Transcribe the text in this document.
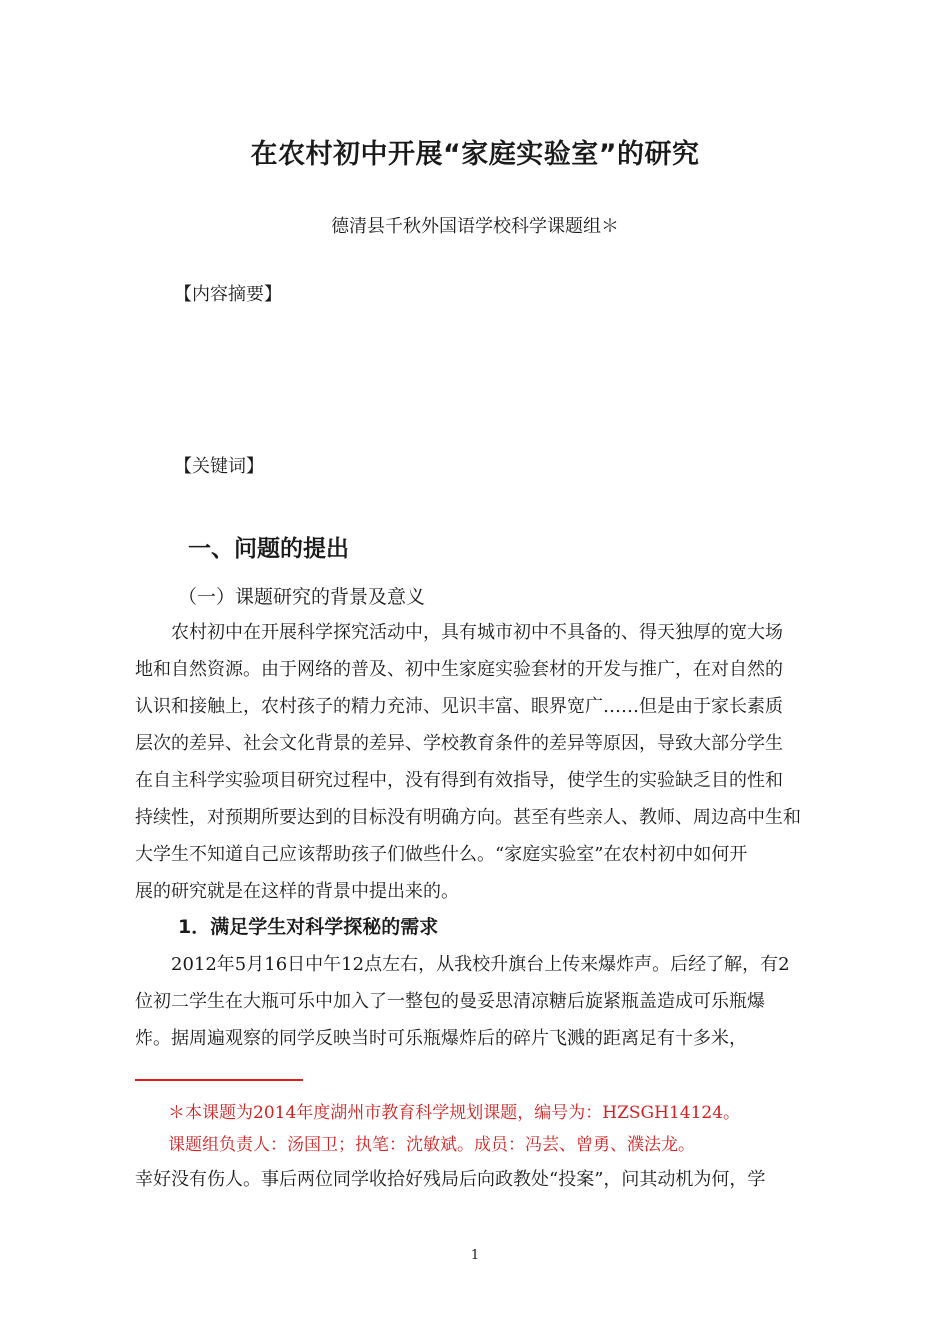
在农村初中开展“家庭实验室”的研究
德清县千秋外国语学校科学课题组＊
【内容摘要】
【关键词】
一、问题的提出
（一）课题研究的背景及意义
　　农村初中在开展科学探究活动中，具有城市初中不具备的、得天独厚的宽大场
地和自然资源。由于网络的普及、初中生家庭实验套材的开发与推广，在对自然的
认识和接触上，农村孩子的精力充沛、见识丰富、眼界宽广……但是由于家长素质
层次的差异、社会文化背景的差异、学校教育条件的差异等原因，导致大部分学生
在自主科学实验项目研究过程中，没有得到有效指导，使学生的实验缺乏目的性和
持续性，对预期所要达到的目标没有明确方向。甚至有些亲人、教师、周边高中生和
大学生不知道自己应该帮助孩子们做些什么。“家庭实验室”在农村初中如何开
展的研究就是在这样的背景中提出来的。
1．满足学生对科学探秘的需求
　　2012年5月16日中午12点左右，从我校升旗台上传来爆炸声。后经了解，有2
位初二学生在大瓶可乐中加入了一整包的曼妥思清凉糖后旋紧瓶盖造成可乐瓶爆
炸。据周遍观察的同学反映当时可乐瓶爆炸后的碎片飞溅的距离足有十多米，
＊本课题为2014年度湖州市教育科学规划课题，编号为：HZSGH14124。
课题组负责人：汤国卫；执笔：沈敏斌。成员：冯芸、曾勇、濮法龙。
幸好没有伤人。事后两位同学收拾好残局后向政教处“投案”，问其动机为何，学
1
